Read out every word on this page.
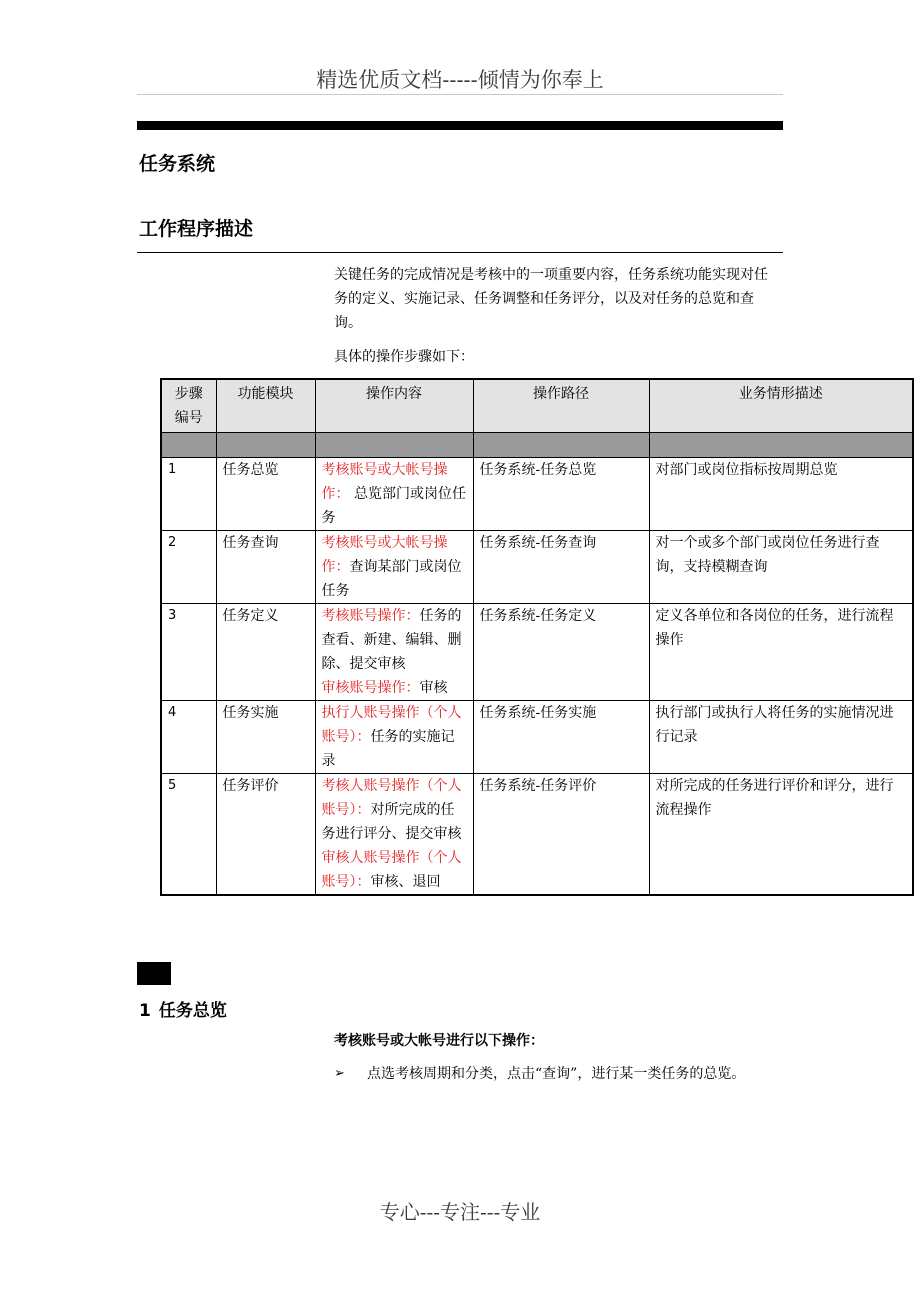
精选优质文档-----倾情为你奉上
任务系统
工作程序描述
关键任务的完成情况是考核中的一项重要内容，任务系统功能实现对任务的定义、实施记录、任务调整和任务评分，以及对任务的总览和查询。
具体的操作步骤如下：
步骤
编号	功能模块	操作内容	操作路径	业务情形描述

1	任务总览	考核账号或大帐号操作： 总览部门或岗位任务	任务系统-任务总览	对部门或岗位指标按周期总览
2	任务查询	考核账号或大帐号操作：查询某部门或岗位任务	任务系统-任务查询	对一个或多个部门或岗位任务进行查询，支持模糊查询
3	任务定义	考核账号操作：任务的查看、新建、编辑、删除、提交审核
审核账号操作：审核	任务系统-任务定义	定义各单位和各岗位的任务，进行流程操作
4	任务实施	执行人账号操作（个人账号）：任务的实施记录	任务系统-任务实施	执行部门或执行人将任务的实施情况进行记录
5	任务评价	考核人账号操作（个人账号）：对所完成的任务进行评分、提交审核
审核人账号操作（个人账号）：审核、退回	任务系统-任务评价	对所完成的任务进行评价和评分，进行流程操作
1 任务总览
考核账号或大帐号进行以下操作：
➢ 点选考核周期和分类，点击“查询”，进行某一类任务的总览。
专心---专注---专业
